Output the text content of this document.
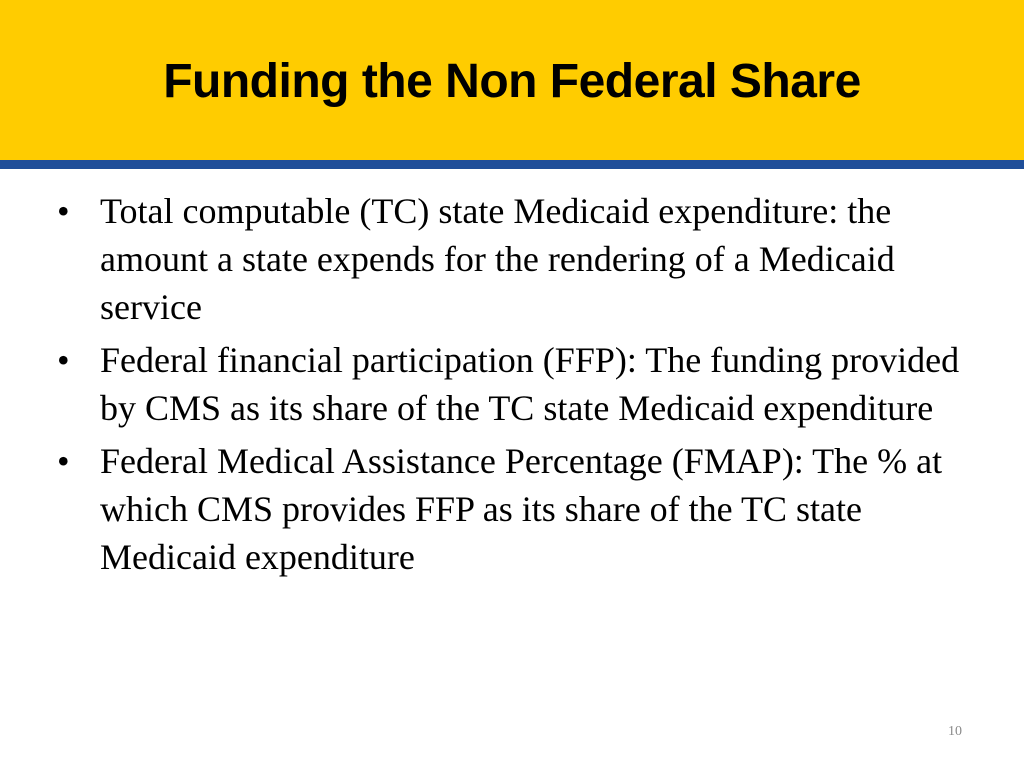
Funding the Non Federal Share
• Total computable (TC) state Medicaid expenditure: the amount a state expends for the rendering of a Medicaid service
• Federal financial participation (FFP): The funding provided by CMS as its share of the TC state Medicaid expenditure
• Federal Medical Assistance Percentage (FMAP): The % at which CMS provides FFP as its share of the TC state Medicaid expenditure
10
